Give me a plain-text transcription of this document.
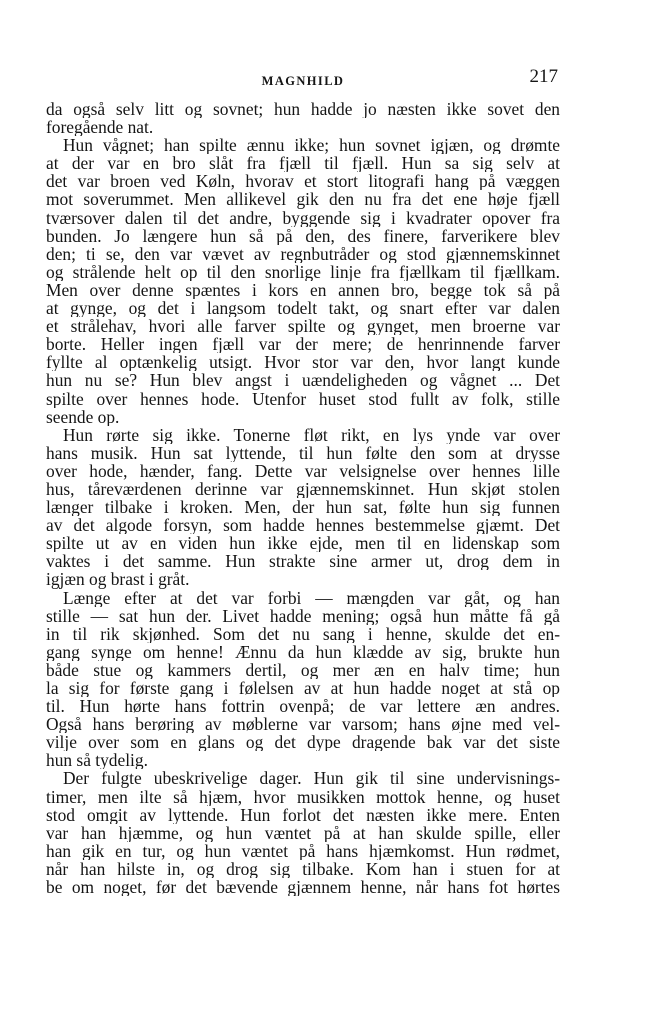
MAGNHILD	217
da også selv litt og sovnet; hun hadde jo næsten ikke sovet den
foregående nat.
Hun vågnet; han spilte ænnu ikke; hun sovnet igjæn, og drømte
at der var en bro slåt fra fjæll til fjæll. Hun sa sig selv at
det var broen ved Køln, hvorav et stort litografi hang på væggen
mot soverummet. Men allikevel gik den nu fra det ene høje fjæll
tværsover dalen til det andre, byggende sig i kvadrater opover fra
bunden. Jo længere hun så på den, des finere, farverikere blev
den; ti se, den var vævet av regnbutråder og stod gjænnemskinnet
og strålende helt op til den snorlige linje fra fjællkam til fjællkam.
Men over denne spæntes i kors en annen bro, begge tok så på
at gynge, og det i langsom todelt takt, og snart efter var dalen
et strålehav, hvori alle farver spilte og gynget, men broerne var
borte. Heller ingen fjæll var der mere; de henrinnende farver
fyllte al optænkelig utsigt. Hvor stor var den, hvor langt kunde
hun nu se? Hun blev angst i uændeligheden og vågnet ... Det
spilte over hennes hode. Utenfor huset stod fullt av folk, stille
seende op.
Hun rørte sig ikke. Tonerne fløt rikt, en lys ynde var over
hans musik. Hun sat lyttende, til hun følte den som at drysse
over hode, hænder, fang. Dette var velsignelse over hennes lille
hus, tåreværdenen derinne var gjænnemskinnet. Hun skjøt stolen
længer tilbake i kroken. Men, der hun sat, følte hun sig funnen
av det algode forsyn, som hadde hennes bestemmelse gjæmt. Det
spilte ut av en viden hun ikke ejde, men til en lidenskap som
vaktes i det samme. Hun strakte sine armer ut, drog dem in
igjæn og brast i gråt.
Længe efter at det var forbi — mængden var gåt, og han
stille — sat hun der. Livet hadde mening; også hun måtte få gå
in til rik skjønhed. Som det nu sang i henne, skulde det en-
gang synge om henne! Ænnu da hun klædde av sig, brukte hun
både stue og kammers dertil, og mer æn en halv time; hun
la sig for første gang i følelsen av at hun hadde noget at stå op
til. Hun hørte hans fottrin ovenpå; de var lettere æn andres.
Også hans berøring av møblerne var varsom; hans øjne med vel-
vilje over som en glans og det dype dragende bak var det siste
hun så tydelig.
Der fulgte ubeskrivelige dager. Hun gik til sine undervisnings-
timer, men ilte så hjæm, hvor musikken mottok henne, og huset
stod omgit av lyttende. Hun forlot det næsten ikke mere. Enten
var han hjæmme, og hun væntet på at han skulde spille, eller
han gik en tur, og hun væntet på hans hjæmkomst. Hun rødmet,
når han hilste in, og drog sig tilbake. Kom han i stuen for at
be om noget, før det bævende gjænnem henne, når hans fot hørtes
